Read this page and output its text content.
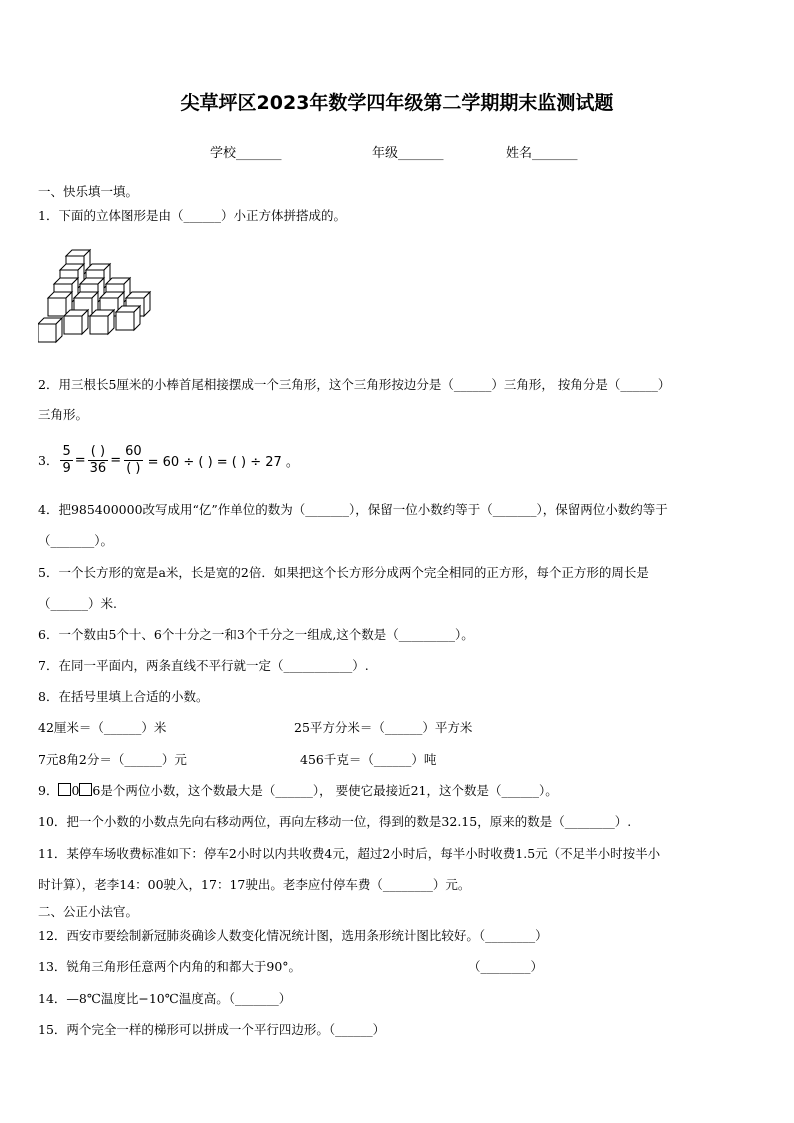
尖草坪区2023年数学四年级第二学期期末监测试题
学校_______	年级_______	姓名_______
一、快乐填一填。
1．下面的立体图形是由（______）小正方体拼搭成的。
2．用三根长5厘米的小棒首尾相接摆成一个三角形，这个三角形按边分是（______）三角形， 按角分是（______）
三角形。
3． $\frac{5}{9} = \frac{( )}{36} = \frac{60}{( )} = 60$ ÷ ( ) = ( ) ÷ 27 。
4．把985400000改写成用“亿”作单位的数为（_______），保留一位小数约等于（_______），保留两位小数约等于
（_______）。
5．一个长方形的宽是a米，长是宽的2倍．如果把这个长方形分成两个完全相同的正方形，每个正方形的周长是
（______）米.
6．一个数由5个十、6个十分之一和3个千分之一组成,这个数是（_________）。
7．在同一平面内，两条直线不平行就一定（___________）.
8．在括号里填上合适的小数。
42厘米＝（______）米	25平方分米＝（______）平方米
7元8角2分＝（______）元	456千克＝（______）吨
9． 0 6是个两位小数，这个数最大是（______）， 要使它最接近21，这个数是（______）。
10．把一个小数的小数点先向右移动两位，再向左移动一位，得到的数是32.15，原来的数是（________）.
11．某停车场收费标准如下：停车2小时以内共收费4元，超过2小时后，每半小时收费1.5元（不足半小时按半小
时计算），老李14：00驶入，17：17驶出。老李应付停车费（________）元。
二、公正小法官。
12．西安市要绘制新冠肺炎确诊人数变化情况统计图，选用条形统计图比较好。（________）
13．锐角三角形任意两个内角的和都大于90°。	（________）
14．—8℃温度比−10℃温度高。（_______）
15．两个完全一样的梯形可以拼成一个平行四边形。（______）
